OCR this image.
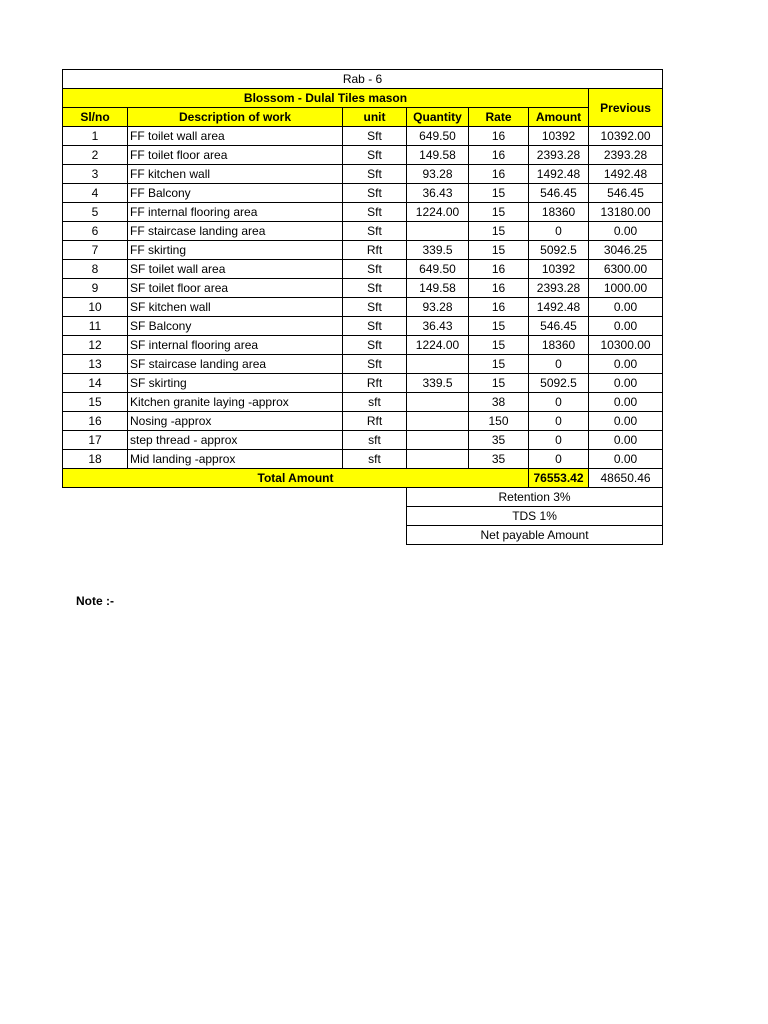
Rab - 6						
Blossom - Dulal Tiles mason						Previous
Sl/no	Description of work	unit	Quantity	Rate	Amount	
1	FF toilet wall area	Sft	649.50	16	10392	10392.00
2	FF toilet floor area	Sft	149.58	16	2393.28	2393.28
3	FF kitchen wall	Sft	93.28	16	1492.48	1492.48
4	FF Balcony	Sft	36.43	15	546.45	546.45
5	FF internal flooring area	Sft	1224.00	15	18360	13180.00
6	FF staircase landing area	Sft		15	0	0.00
7	FF skirting	Rft	339.5	15	5092.5	3046.25
8	SF toilet wall area	Sft	649.50	16	10392	6300.00
9	SF toilet floor area	Sft	149.58	16	2393.28	1000.00
10	SF kitchen wall	Sft	93.28	16	1492.48	0.00
11	SF Balcony	Sft	36.43	15	546.45	0.00
12	SF internal flooring area	Sft	1224.00	15	18360	10300.00
13	SF staircase landing area	Sft		15	0	0.00
14	SF skirting	Rft	339.5	15	5092.5	0.00
15	Kitchen granite laying -approx	sft		38	0	0.00
16	Nosing -approx	Rft		150	0	0.00
17	step thread - approx	sft		35	0	0.00
18	Mid landing -approx	sft		35	0	0.00
Total Amount					76553.42	48650.46
			Retention 3%			
			TDS 1%			
			Net payable Amount			
Note :-
